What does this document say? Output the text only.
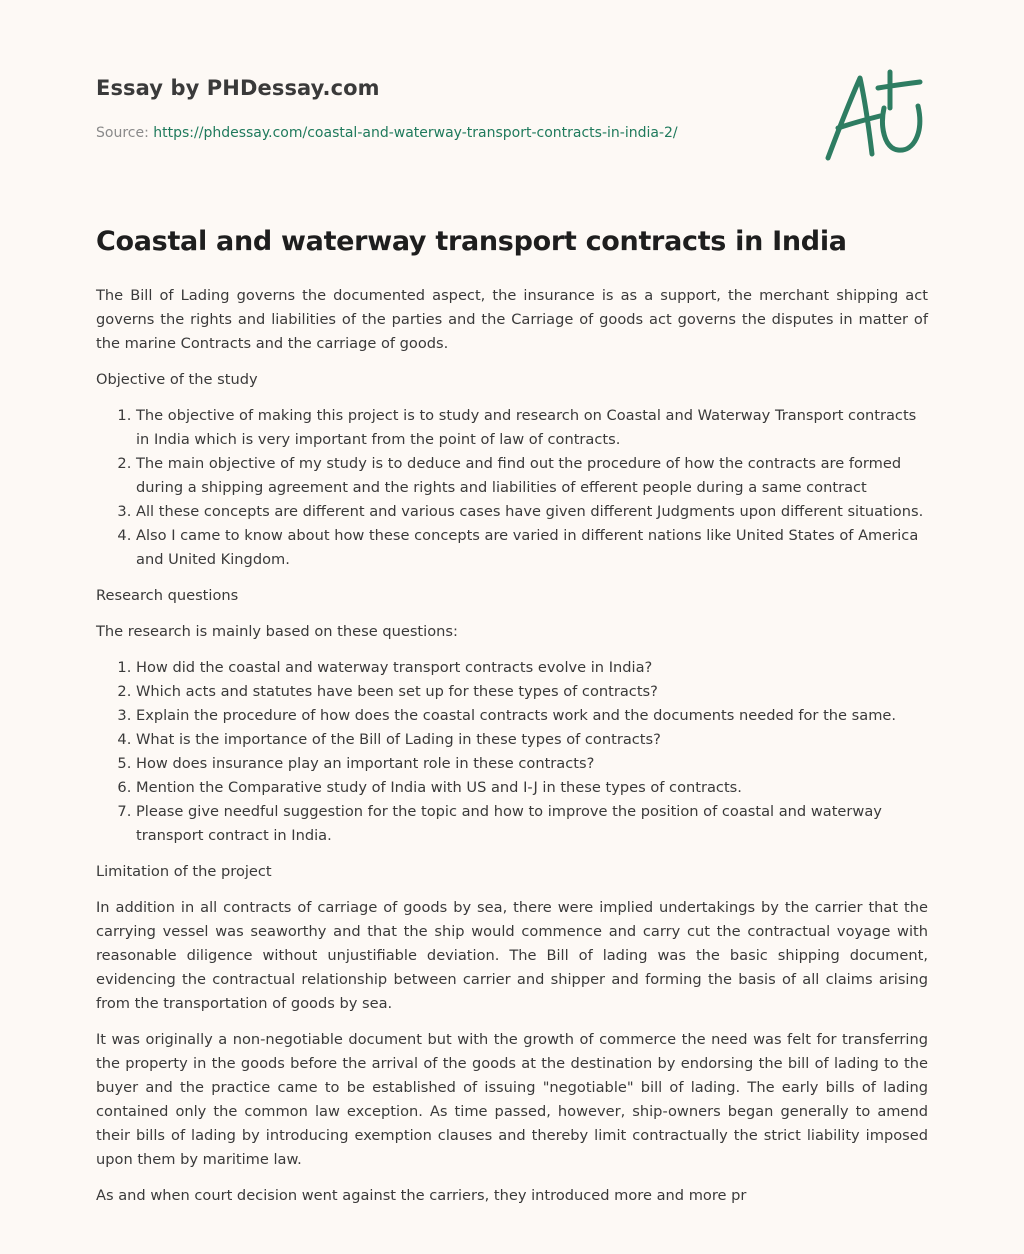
Essay by PHDessay.com
Source: https://phdessay.com/coastal-and-waterway-transport-contracts-in-india-2/
Coastal and waterway transport contracts in India

The Bill of Lading governs the documented aspect, the insurance is as a support, the merchant shipping act governs the rights and liabilities of the parties and the Carriage of goods act governs the disputes in matter of the marine Contracts and the carriage of goods.

Objective of the study

1. The objective of making this project is to study and research on Coastal and Waterway Transport contracts in India which is very important from the point of law of contracts.
2. The main objective of my study is to deduce and find out the procedure of how the contracts are formed during a shipping agreement and the rights and liabilities of efferent people during a same contract
3. All these concepts are different and various cases have given different Judgments upon different situations.
4. Also I came to know about how these concepts are varied in different nations like United States of America and United Kingdom.

Research questions

The research is mainly based on these questions:

1. How did the coastal and waterway transport contracts evolve in India?
2. Which acts and statutes have been set up for these types of contracts?
3. Explain the procedure of how does the coastal contracts work and the documents needed for the same.
4. What is the importance of the Bill of Lading in these types of contracts?
5. How does insurance play an important role in these contracts?
6. Mention the Comparative study of India with US and I-J in these types of contracts.
7. Please give needful suggestion for the topic and how to improve the position of coastal and waterway transport contract in India.

Limitation of the project

In addition in all contracts of carriage of goods by sea, there were implied undertakings by the carrier that the carrying vessel was seaworthy and that the ship would commence and carry cut the contractual voyage with reasonable diligence without unjustifiable deviation. The Bill of lading was the basic shipping document, evidencing the contractual relationship between carrier and shipper and forming the basis of all claims arising from the transportation of goods by sea.

It was originally a non-negotiable document but with the growth of commerce the need was felt for transferring the property in the goods before the arrival of the goods at the destination by endorsing the bill of lading to the buyer and the practice came to be established of issuing "negotiable" bill of lading. The early bills of lading contained only the common law exception. As time passed, however, ship-owners began generally to amend their bills of lading by introducing exemption clauses and thereby limit contractually the strict liability imposed upon them by maritime law.

As and when court decision went against the carriers, they introduced more and more pr
